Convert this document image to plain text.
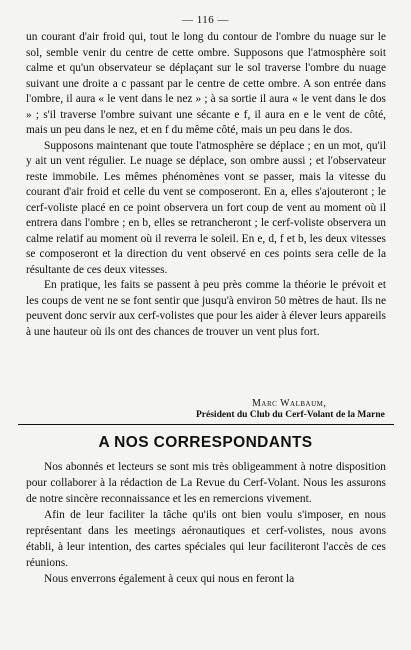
— 116 —

un courant d'air froid qui, tout le long du contour de l'ombre du nuage sur le sol, semble venir du centre de cette ombre. Supposons que l'atmosphère soit calme et qu'un observateur se déplaçant sur le sol traverse l'ombre du nuage suivant une droite a c passant par le centre de cette ombre. A son entrée dans l'ombre, il aura « le vent dans le nez » ; à sa sortie il aura « le vent dans le dos » ; s'il traverse l'ombre suivant une sécante e f, il aura en e le vent de côté, mais un peu dans le nez, et en f du même côté, mais un peu dans le dos.

Supposons maintenant que toute l'atmosphère se déplace ; en un mot, qu'il y ait un vent régulier. Le nuage se déplace, son ombre aussi ; et l'observateur reste immobile. Les mêmes phénomènes vont se passer, mais la vitesse du courant d'air froid et celle du vent se composeront. En a, elles s'ajouteront ; le cerf-voliste placé en ce point observera un fort coup de vent au moment où il entrera dans l'ombre ; en b, elles se retrancheront ; le cerf-voliste observera un calme relatif au moment où il reverra le soleil. En e, d, f et b, les deux vitesses se composeront et la direction du vent observé en ces points sera celle de la résultante de ces deux vitesses.

En pratique, les faits se passent à peu près comme la théorie le prévoit et les coups de vent ne se font sentir que jusqu'à environ 50 mètres de haut. Ils ne peuvent donc servir aux cerf-volistes que pour les aider à élever leurs appareils à une hauteur où ils ont des chances de trouver un vent plus fort.

Marc Walbaum,
Président du Club du Cerf-Volant de la Marne
A NOS CORRESPONDANTS

Nos abonnés et lecteurs se sont mis très obligeamment à notre disposition pour collaborer à la rédaction de La Revue du Cerf-Volant. Nous les assurons de notre sincère reconnaissance et les en remercions vivement.

Afin de leur faciliter la tâche qu'ils ont bien voulu s'imposer, en nous représentant dans les meetings aéronautiques et cerf-volistes, nous avons établi, à leur intention, des cartes spéciales qui leur faciliteront l'accès de ces réunions.

Nous enverrons également à ceux qui nous en feront la
